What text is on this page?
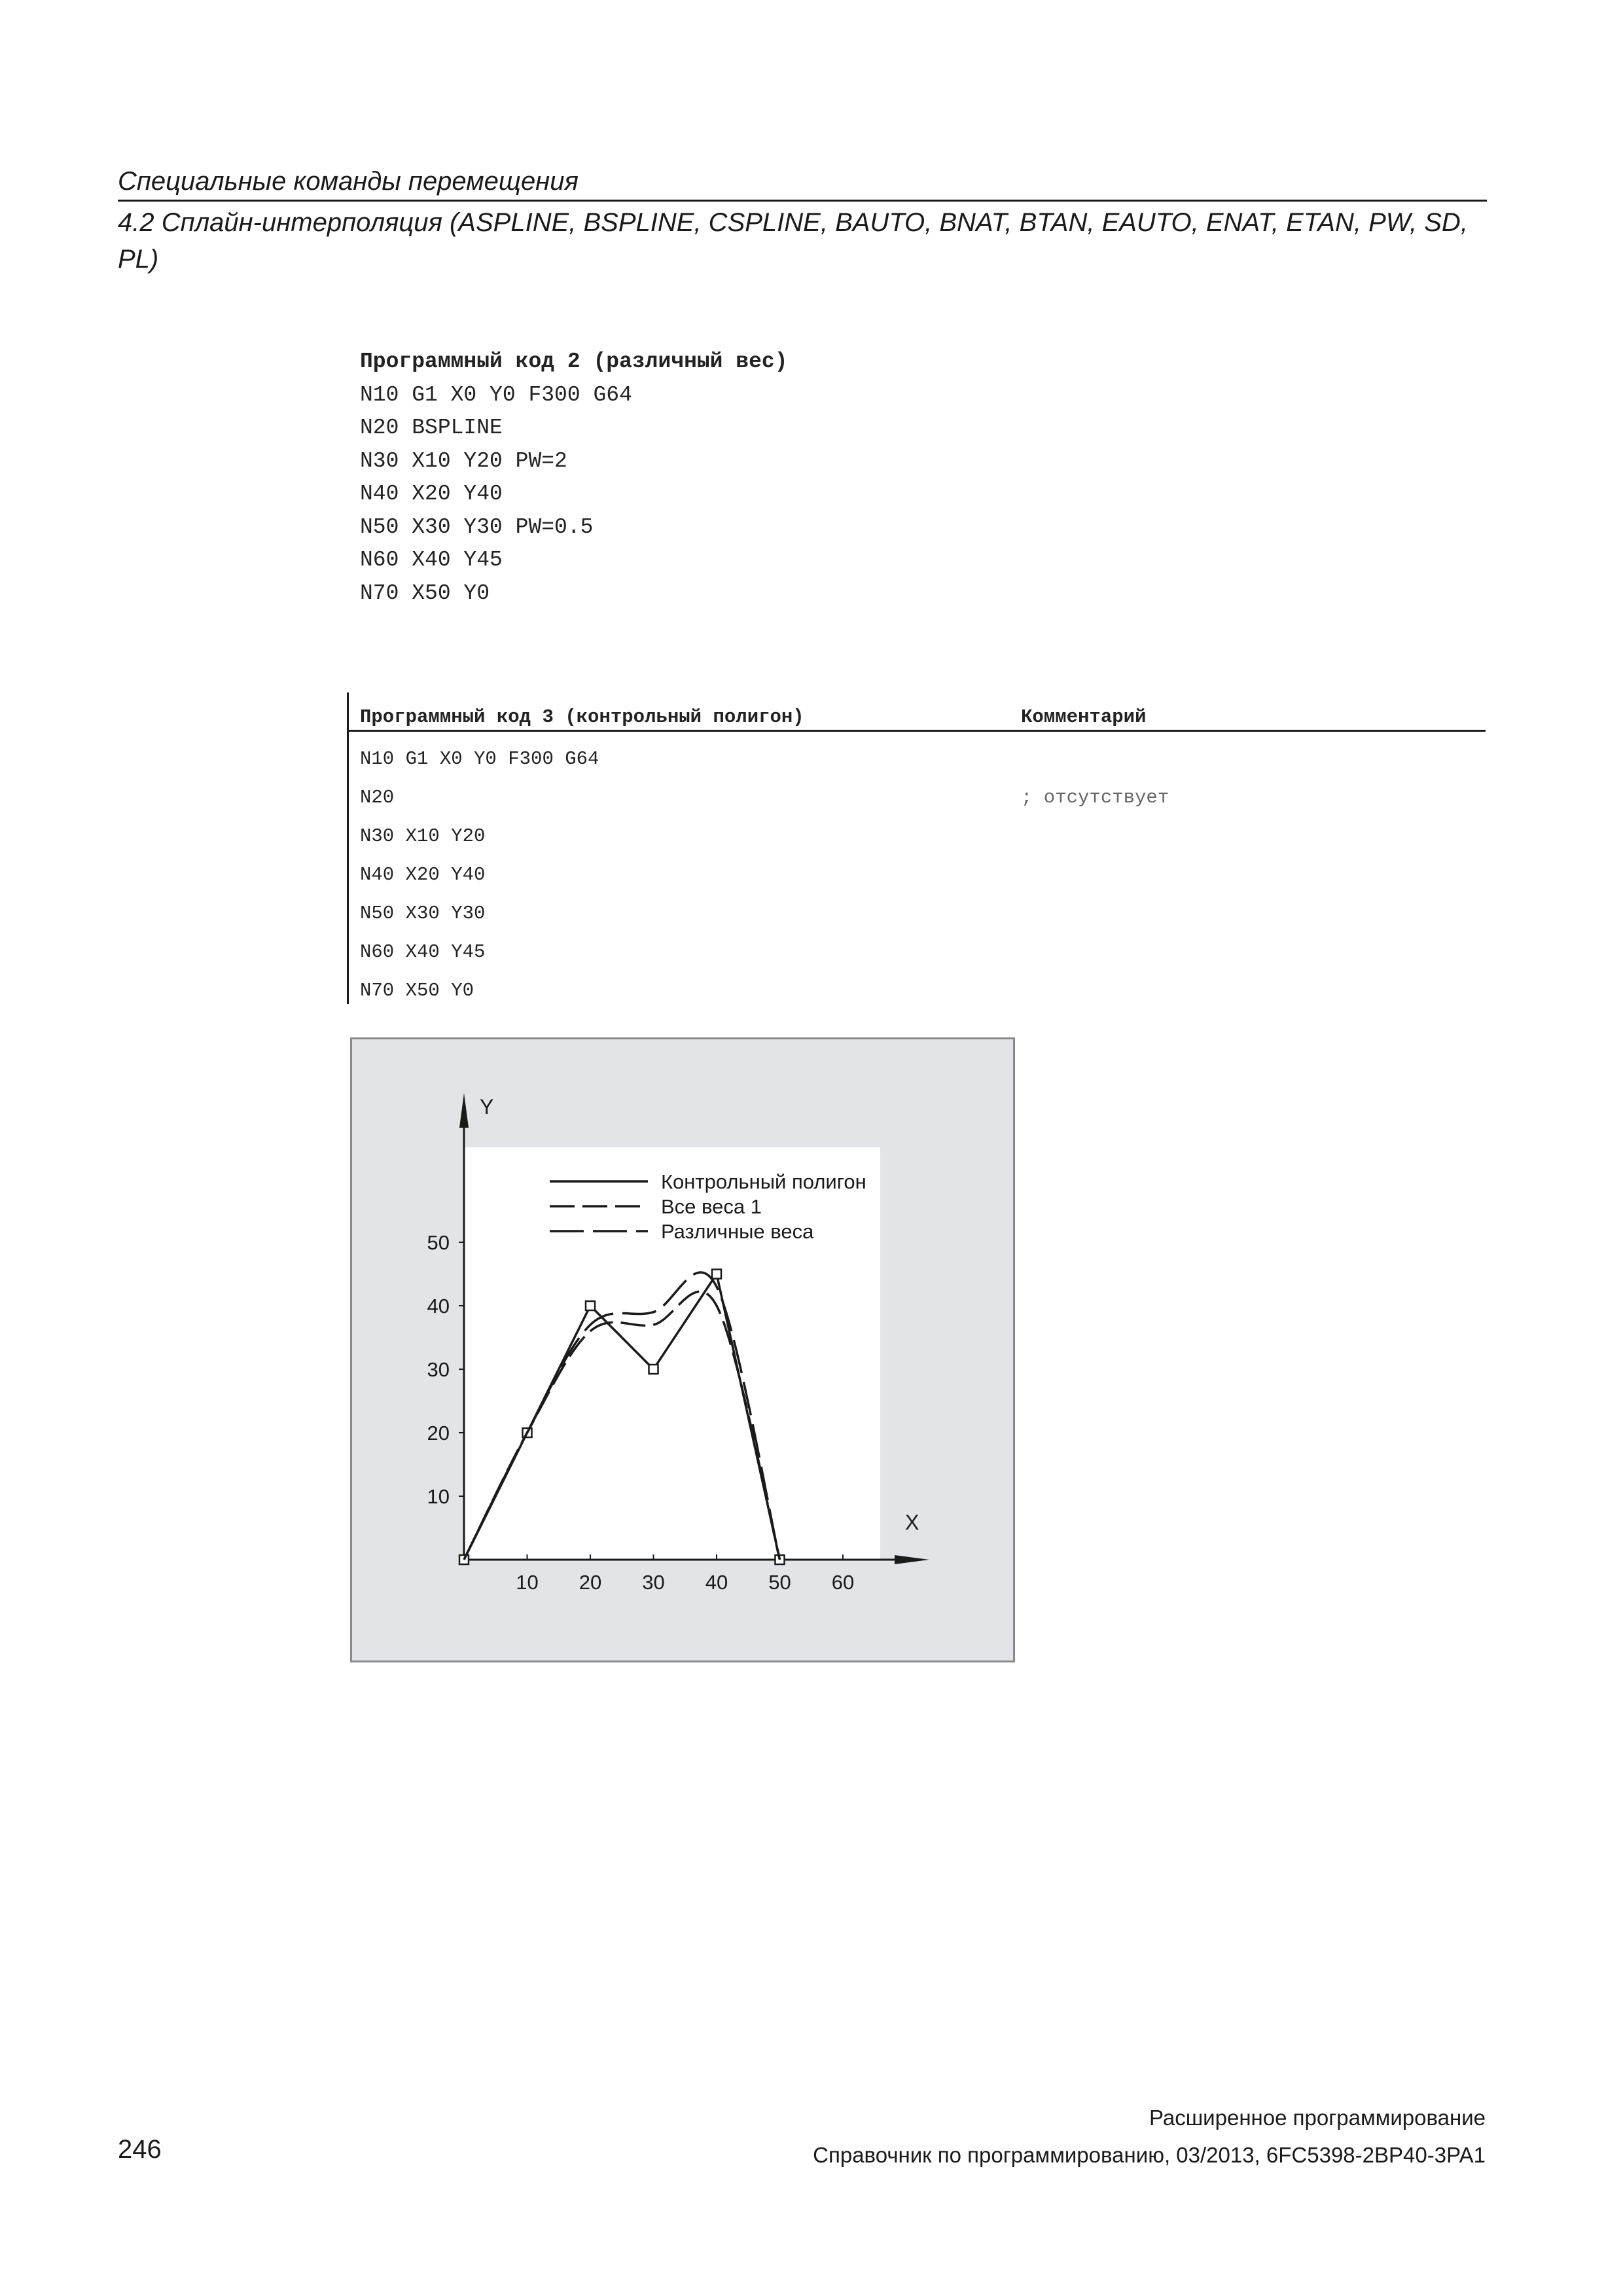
Специальные команды перемещения
4.2 Сплайн-интерполяция (ASPLINE, BSPLINE, CSPLINE, BAUTO, BNAT, BTAN, EAUTO, ENAT, ETAN, PW, SD, PL)
Программный код 2 (различный вес)
N10 G1 X0 Y0 F300 G64
N20 BSPLINE
N30 X10 Y20 PW=2
N40 X20 Y40
N50 X30 Y30 PW=0.5
N60 X40 Y45
N70 X50 Y0
Программный код 3 (контрольный полигон)	Комментарий
N10 G1 X0 Y0 F300 G64
N20	; отсутствует
N30 X10 Y20
N40 X20 Y40
N50 X30 Y30
N60 X40 Y45
N70 X50 Y0
10 20 30 40 50 60
10
20
30
40
50
Контрольный полигон
Все веса 1
Различные веса
Y
X
Расширенное программирование
246	Справочник по программированию, 03/2013, 6FC5398-2BP40-3PA1
